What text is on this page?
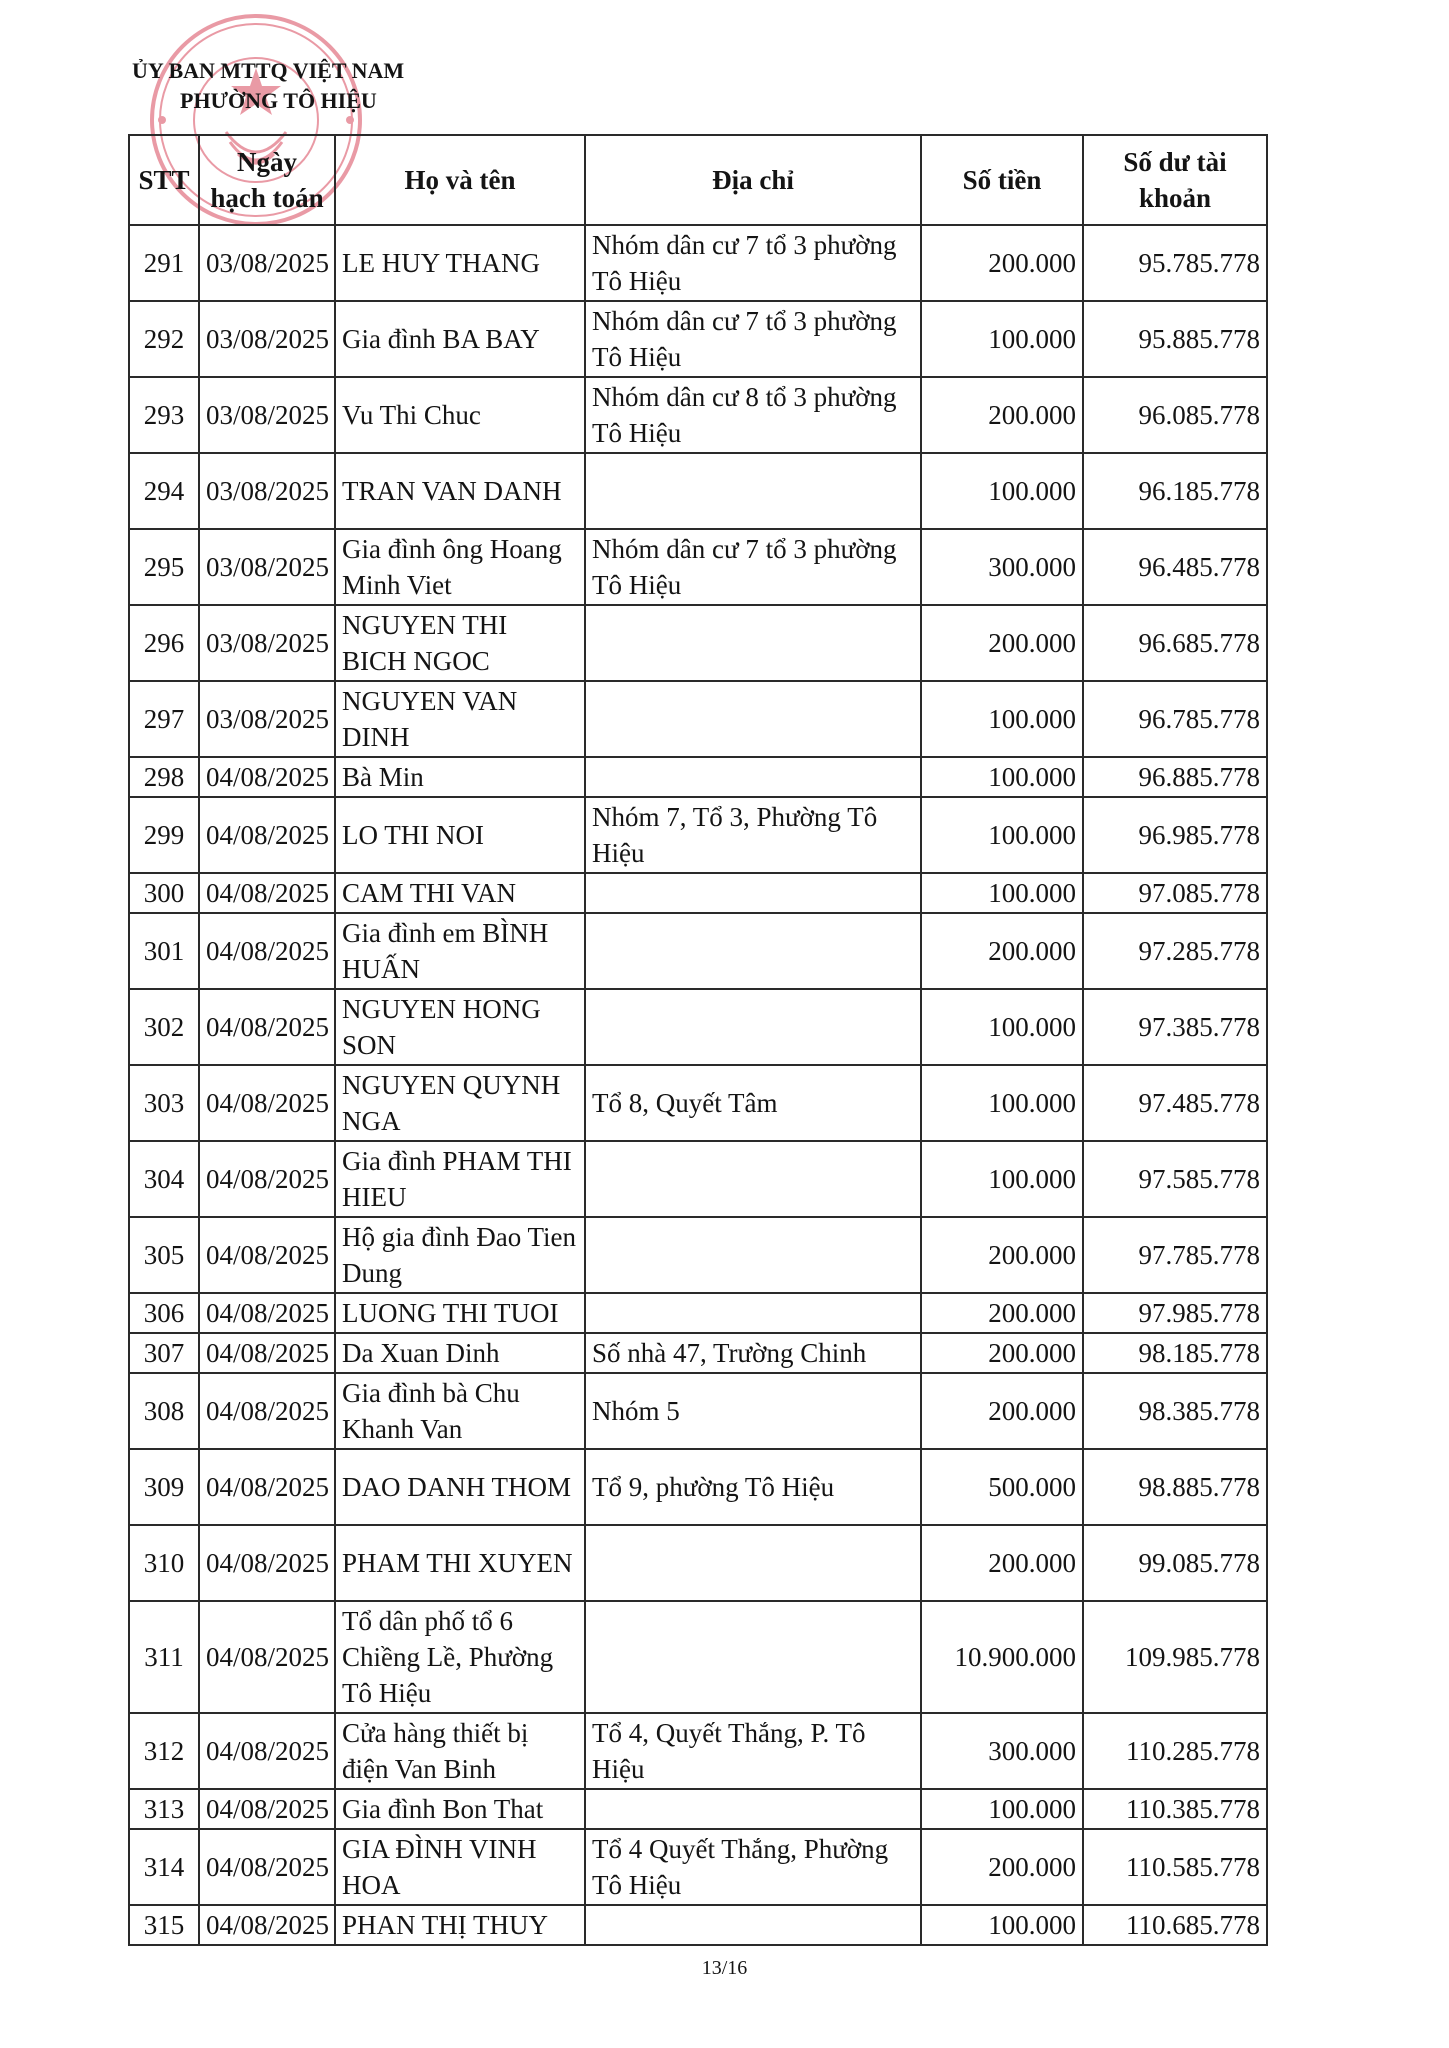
ỦY BAN MTTQ VIỆT NAM
PHƯỜNG TÔ HIỆU
STT	Ngày hạch toán	Họ và tên	Địa chỉ	Số tiền	Số dư tài khoản
291	03/08/2025	LE HUY THANG	Nhóm dân cư 7 tổ 3 phường Tô Hiệu	200.000	95.785.778
292	03/08/2025	Gia đình BA BAY	Nhóm dân cư 7 tổ 3 phường Tô Hiệu	100.000	95.885.778
293	03/08/2025	Vu Thi Chuc	Nhóm dân cư 8 tổ 3 phường Tô Hiệu	200.000	96.085.778
294	03/08/2025	TRAN VAN DANH		100.000	96.185.778
295	03/08/2025	Gia đình ông Hoang Minh Viet	Nhóm dân cư 7 tổ 3 phường Tô Hiệu	300.000	96.485.778
296	03/08/2025	NGUYEN THI BICH NGOC		200.000	96.685.778
297	03/08/2025	NGUYEN VAN DINH		100.000	96.785.778
298	04/08/2025	Bà Min		100.000	96.885.778
299	04/08/2025	LO THI NOI	Nhóm 7, Tổ 3, Phường Tô Hiệu	100.000	96.985.778
300	04/08/2025	CAM THI VAN		100.000	97.085.778
301	04/08/2025	Gia đình em BÌNH HUẤN		200.000	97.285.778
302	04/08/2025	NGUYEN HONG SON		100.000	97.385.778
303	04/08/2025	NGUYEN QUYNH NGA	Tổ 8, Quyết Tâm	100.000	97.485.778
304	04/08/2025	Gia đình PHAM THI HIEU		100.000	97.585.778
305	04/08/2025	Hộ gia đình Đao Tien Dung		200.000	97.785.778
306	04/08/2025	LUONG THI TUOI		200.000	97.985.778
307	04/08/2025	Da Xuan Dinh	Số nhà 47, Trường Chinh	200.000	98.185.778
308	04/08/2025	Gia đình bà Chu Khanh Van	Nhóm 5	200.000	98.385.778
309	04/08/2025	DAO DANH THOM	Tổ 9, phường Tô Hiệu	500.000	98.885.778
310	04/08/2025	PHAM THI XUYEN		200.000	99.085.778
311	04/08/2025	Tổ dân phố tổ 6 Chiềng Lề, Phường Tô Hiệu		10.900.000	109.985.778
312	04/08/2025	Cửa hàng thiết bị điện Van Binh	Tổ 4, Quyết Thắng, P. Tô Hiệu	300.000	110.285.778
313	04/08/2025	Gia đình Bon That		100.000	110.385.778
314	04/08/2025	GIA ĐÌNH VINH HOA	Tổ 4 Quyết Thắng, Phường Tô Hiệu	200.000	110.585.778
315	04/08/2025	PHAN THỊ THUY		100.000	110.685.778
13/16
